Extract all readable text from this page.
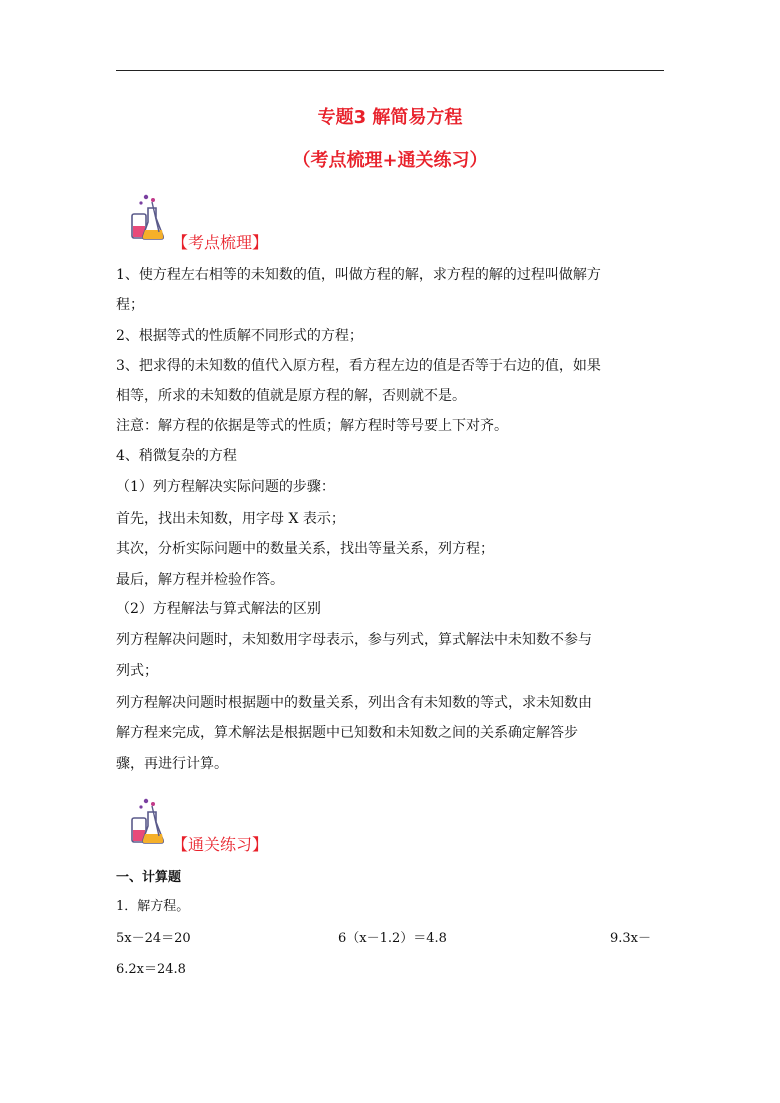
专题3 解简易方程
（考点梳理+通关练习）
【考点梳理】
1、使方程左右相等的未知数的值，叫做方程的解，求方程的解的过程叫做解方
程；
2、根据等式的性质解不同形式的方程；
3、把求得的未知数的值代入原方程，看方程左边的值是否等于右边的值，如果
相等，所求的未知数的值就是原方程的解，否则就不是。
注意：解方程的依据是等式的性质；解方程时等号要上下对齐。
4、稍微复杂的方程
（1）列方程解决实际问题的步骤：
首先，找出未知数，用字母 X 表示；
其次，分析实际问题中的数量关系，找出等量关系，列方程；
最后，解方程并检验作答。
（2）方程解法与算式解法的区别
列方程解决问题时，未知数用字母表示，参与列式，算式解法中未知数不参与
列式；
列方程解决问题时根据题中的数量关系，列出含有未知数的等式，求未知数由
解方程来完成，算术解法是根据题中已知数和未知数之间的关系确定解答步
骤，再进行计算。
【通关练习】
一、计算题
1．解方程。
5x－24＝20	6（x－1.2）＝4.8	9.3x－
6.2x＝24.8
